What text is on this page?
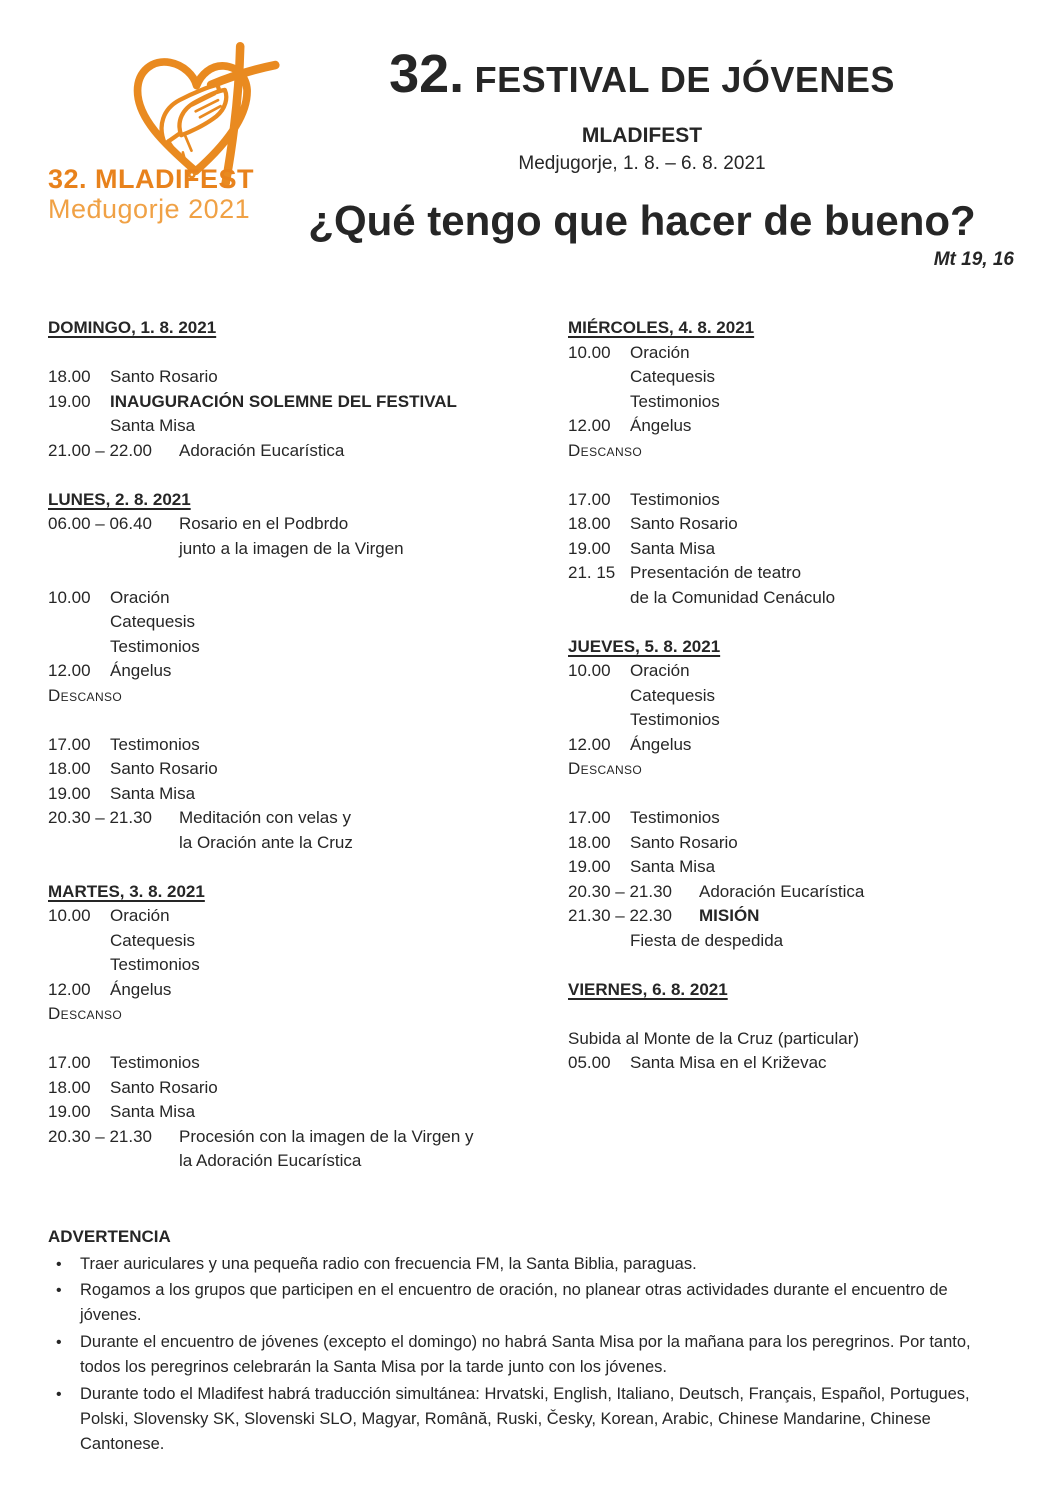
32. MLADIFEST
Međugorje 2021
32. FESTIVAL DE JÓVENES
MLADIFEST
Medjugorje, 1. 8. – 6. 8. 2021
¿Qué tengo que hacer de bueno?
Mt 19, 16
DOMINGO, 1. 8. 2021
18.00	Santo Rosario
19.00	INAUGURACIÓN SOLEMNE DEL FESTIVAL
Santa Misa
21.00 – 22.00	Adoración Eucarística
LUNES, 2. 8. 2021
06.00 – 06.40	Rosario en el Podbrdo
junto a la imagen de la Virgen
10.00	Oración
Catequesis
Testimonios
12.00	Ángelus
Descanso
17.00	Testimonios
18.00	Santo Rosario
19.00	Santa Misa
20.30 – 21.30	Meditación con velas y
la Oración ante la Cruz
MARTES, 3. 8. 2021
10.00	Oración
Catequesis
Testimonios
12.00	Ángelus
Descanso
17.00	Testimonios
18.00	Santo Rosario
19.00	Santa Misa
20.30 – 21.30	Procesión con la imagen de la Virgen y
la Adoración Eucarística
MIÉRCOLES, 4. 8. 2021
10.00	Oración
Catequesis
Testimonios
12.00	Ángelus
Descanso
17.00	Testimonios
18.00	Santo Rosario
19.00	Santa Misa
21. 15 Presentación de teatro
de la Comunidad Cenáculo
JUEVES, 5. 8. 2021
10.00	Oración
Catequesis
Testimonios
12.00	Ángelus
Descanso
17.00	Testimonios
18.00	Santo Rosario
19.00	Santa Misa
20.30 – 21.30	Adoración Eucarística
21.30 – 22.30	MISIÓN
Fiesta de despedida
VIERNES, 6. 8. 2021
Subida al Monte de la Cruz (particular)
05.00	Santa Misa en el Križevac
ADVERTENCIA
• Traer auriculares y una pequeña radio con frecuencia FM, la Santa Biblia, paraguas.
• Rogamos a los grupos que participen en el encuentro de oración, no planear otras actividades durante el encuentro de jóvenes.
• Durante el encuentro de jóvenes (excepto el domingo) no habrá Santa Misa por la mañana para los peregrinos. Por tanto, todos los peregrinos celebrarán la Santa Misa por la tarde junto con los jóvenes.
• Durante todo el Mladifest habrá traducción simultánea: Hrvatski, English, Italiano, Deutsch, Français, Español, Portugues, Polski, Slovensky SK, Slovenski SLO, Magyar, Română, Ruski, Česky, Korean, Arabic, Chinese Mandarine, Chinese Cantonese.
